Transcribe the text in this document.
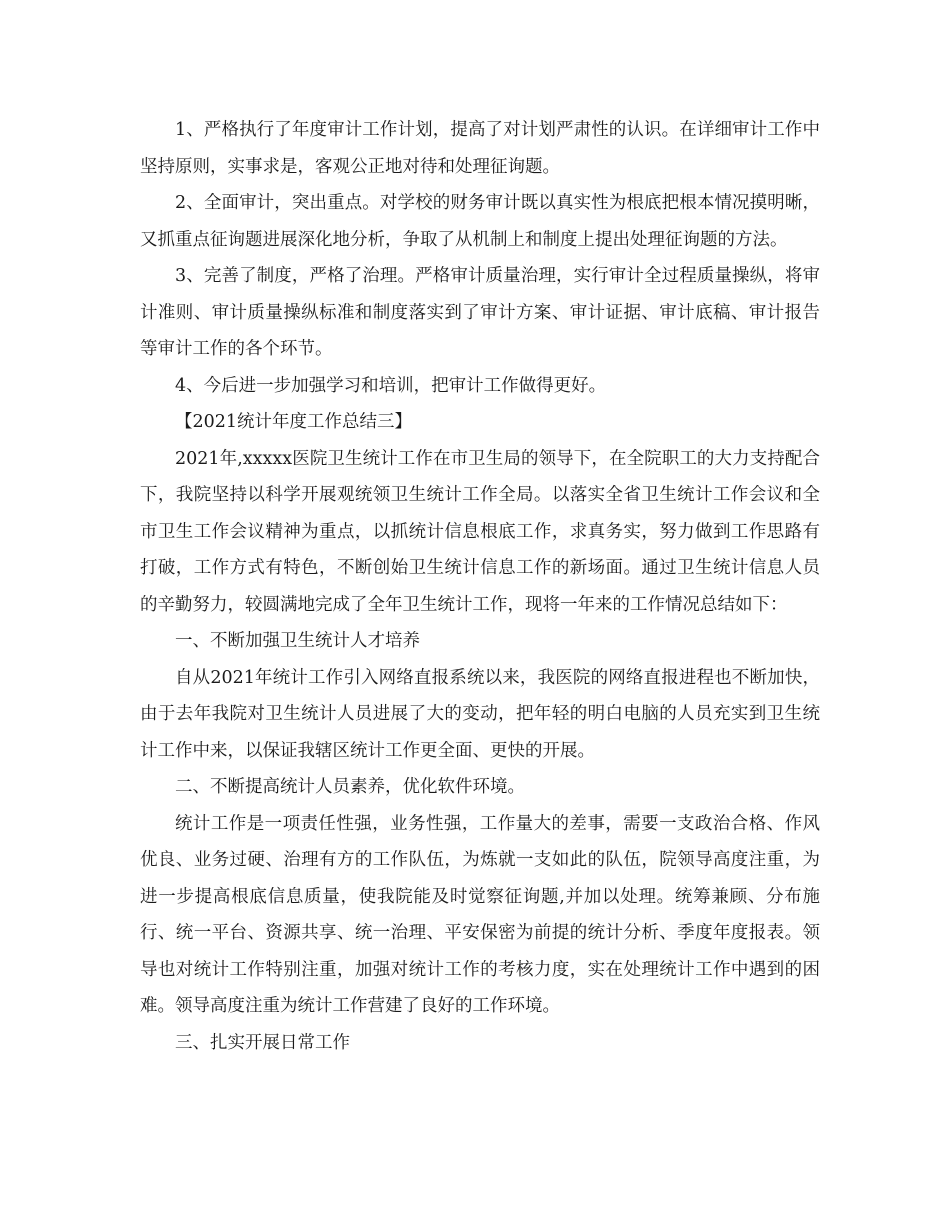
1、严格执行了年度审计工作计划，提高了对计划严肃性的认识。在详细审计工作中坚持原则，实事求是，客观公正地对待和处理征询题。

2、全面审计，突出重点。对学校的财务审计既以真实性为根底把根本情况摸明晰，又抓重点征询题进展深化地分析，争取了从机制上和制度上提出处理征询题的方法。

3、完善了制度，严格了治理。严格审计质量治理，实行审计全过程质量操纵，将审计准则、审计质量操纵标准和制度落实到了审计方案、审计证据、审计底稿、审计报告等审计工作的各个环节。

4、今后进一步加强学习和培训，把审计工作做得更好。

【2021统计年度工作总结三】

2021年,xxxxx医院卫生统计工作在市卫生局的领导下，在全院职工的大力支持配合下，我院坚持以科学开展观统领卫生统计工作全局。以落实全省卫生统计工作会议和全市卫生工作会议精神为重点，以抓统计信息根底工作，求真务实，努力做到工作思路有打破，工作方式有特色，不断创始卫生统计信息工作的新场面。通过卫生统计信息人员的辛勤努力，较圆满地完成了全年卫生统计工作，现将一年来的工作情况总结如下：

一、不断加强卫生统计人才培养

自从2021年统计工作引入网络直报系统以来，我医院的网络直报进程也不断加快，由于去年我院对卫生统计人员进展了大的变动，把年轻的明白电脑的人员充实到卫生统计工作中来，以保证我辖区统计工作更全面、更快的开展。

二、不断提高统计人员素养，优化软件环境。

统计工作是一项责任性强，业务性强，工作量大的差事，需要一支政治合格、作风优良、业务过硬、治理有方的工作队伍，为炼就一支如此的队伍，院领导高度注重，为进一步提高根底信息质量，使我院能及时觉察征询题,并加以处理。统筹兼顾、分布施行、统一平台、资源共享、统一治理、平安保密为前提的统计分析、季度年度报表。领导也对统计工作特别注重，加强对统计工作的考核力度，实在处理统计工作中遇到的困难。领导高度注重为统计工作营建了良好的工作环境。

三、扎实开展日常工作
